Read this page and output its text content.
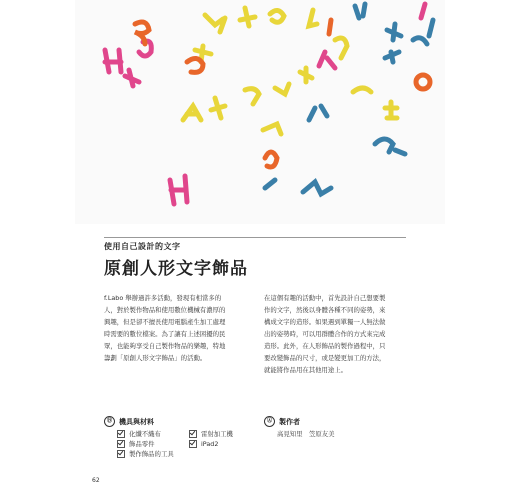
使用自己設計的文字
原創人形文字飾品

f.Labo 舉辦過許多活動，發現有相當多的

人，對於製作物品和使用數位機械有濃厚的

興趣，但是卻不擅長使用電腦產生加工處理

時需要的數位檔案。為了讓有上述困擾的民

眾，也能夠享受自己製作物品的樂趣，特地

籌劃「原創人形文字飾品」的活動。

在這個有趣的活動中，首先設計自己想要製

作的文字，然後以身體各種不同的姿勢，來

構成文字的造形。如果遇到單獨一人無法做

出的姿勢時，可以用群體合作的方式來完成

造形。此外，在人形飾品的製作過程中，只

要改變飾品的尺寸，或是變更加工的方法，

就能將作品用在其他用途上。

⑲	機具與材料
化纖不織布
飾品零件
製作飾品的工具
雷射加工機
iPad2
Ⓐ	製作者
高見知里　笠原友美
62
